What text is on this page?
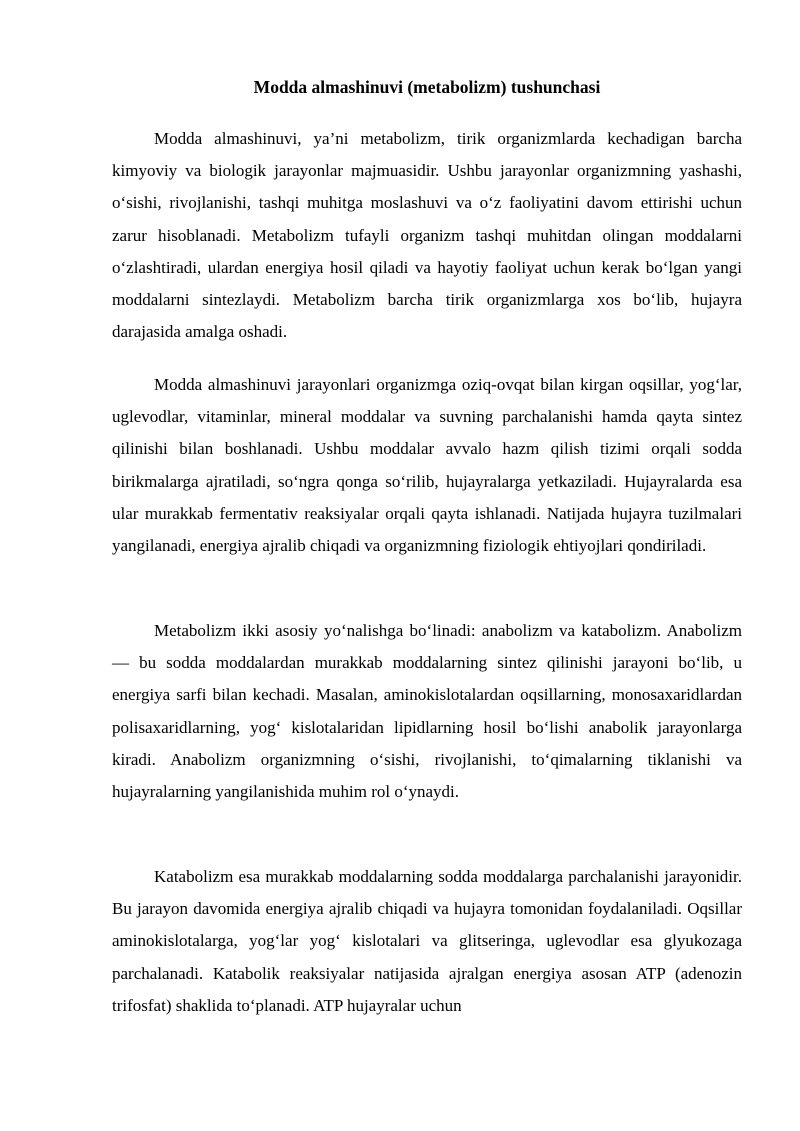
Modda almashinuvi (metabolizm) tushunchasi

Modda almashinuvi, ya’ni metabolizm, tirik organizmlarda kechadigan barcha kimyoviy va biologik jarayonlar majmuasidir. Ushbu jarayonlar organizmning yashashi, o‘sishi, rivojlanishi, tashqi muhitga moslashuvi va o‘z faoliyatini davom ettirishi uchun zarur hisoblanadi. Metabolizm tufayli organizm tashqi muhitdan olingan moddalarni o‘zlashtiradi, ulardan energiya hosil qiladi va hayotiy faoliyat uchun kerak bo‘lgan yangi moddalarni sintezlaydi. Metabolizm barcha tirik organizmlarga xos bo‘lib, hujayra darajasida amalga oshadi.

Modda almashinuvi jarayonlari organizmga oziq-ovqat bilan kirgan oqsillar, yog‘lar, uglevodlar, vitaminlar, mineral moddalar va suvning parchalanishi hamda qayta sintez qilinishi bilan boshlanadi. Ushbu moddalar avvalo hazm qilish tizimi orqali sodda birikmalarga ajratiladi, so‘ngra qonga so‘rilib, hujayralarga yetkaziladi. Hujayralarda esa ular murakkab fermentativ reaksiyalar orqali qayta ishlanadi. Natijada hujayra tuzilmalari yangilanadi, energiya ajralib chiqadi va organizmning fiziologik ehtiyojlari qondiriladi.

Metabolizm ikki asosiy yo‘nalishga bo‘linadi: anabolizm va katabolizm. Anabolizm — bu sodda moddalardan murakkab moddalarning sintez qilinishi jarayoni bo‘lib, u energiya sarfi bilan kechadi. Masalan, aminokislotalardan oqsillarning, monosaxaridlardan polisaxaridlarning, yog‘ kislotalaridan lipidlarning hosil bo‘lishi anabolik jarayonlarga kiradi. Anabolizm organizmning o‘sishi, rivojlanishi, to‘qimalarning tiklanishi va hujayralarning yangilanishida muhim rol o‘ynaydi.

Katabolizm esa murakkab moddalarning sodda moddalarga parchalanishi jarayonidir. Bu jarayon davomida energiya ajralib chiqadi va hujayra tomonidan foydalaniladi. Oqsillar aminokislotalarga, yog‘lar yog‘ kislotalari va glitseringa, uglevodlar esa glyukozaga parchalanadi. Katabolik reaksiyalar natijasida ajralgan energiya asosan ATP (adenozin trifosfat) shaklida to‘planadi. ATP hujayralar uchun
